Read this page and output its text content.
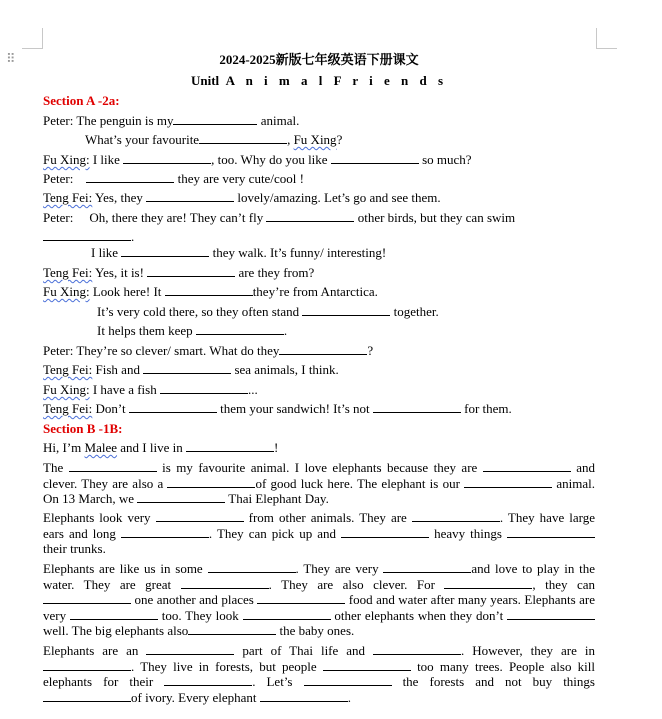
⠿	2024-2025新版七年级英语下册课文
Unitl A n i m a l F r i e n d s
Section A -2a:
Peter: The penguin is my	animal.
What’s your favourite	, Fu Xing?
Fu Xing: I like	, too. Why do you like	so much?
Peter:	they are very cute/cool !
Teng Fei: Yes, they	lovely/amazing. Let’s go and see them.
Peter: Oh, there they are! They can’t fly	other birds, but they can swim
.
I like	they walk. It’s funny/ interesting!
Teng Fei: Yes, it is!	are they from?
Fu Xing: Look here! It	they’re from Antarctica.
It’s very cold there, so they often stand	together.
It helps them keep	.
Peter: They’re so clever/ smart. What do they	?
Teng Fei: Fish and	sea animals, I think.
Fu Xing: I have a fish	...
Teng Fei: Don’t	them your sandwich! It’s not	for them.
Section B -1B:
Hi, I’m Malee and I live in	!
The	is my favourite animal. I love elephants because they are	and clever. They are also a	of good luck here. The elephant is our	animal. On 13 March, we	Thai Elephant Day.
Elephants look very	from other animals. They are	. They have large ears and long	. They can pick up and	heavy things  their trunks.
Elephants are like us in some	. They are very	and love to play in the water. They are great	. They are also clever. For	, they can  one another and places	food and water after many years. Elephants are very	too. They look	other elephants when they don’t  well. The big elephants also	the baby ones.
Elephants are an	part of Thai life and	. However, they are in . They live in forests, but people	too many trees. People also kill elephants for their	. Let’s	the forests and not buy things of ivory. Every elephant	.
